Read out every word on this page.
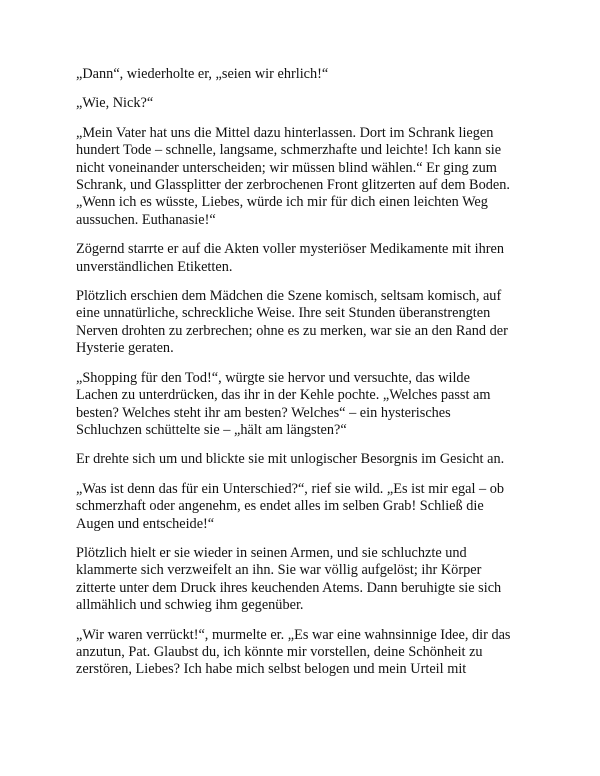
„Dann“, wiederholte er, „seien wir ehrlich!“
„Wie, Nick?“
„Mein Vater hat uns die Mittel dazu hinterlassen. Dort im Schrank liegen
hundert Tode – schnelle, langsame, schmerzhafte und leichte! Ich kann sie
nicht voneinander unterscheiden; wir müssen blind wählen.“ Er ging zum
Schrank, und Glassplitter der zerbrochenen Front glitzerten auf dem Boden.
„Wenn ich es wüsste, Liebes, würde ich mir für dich einen leichten Weg
aussuchen. Euthanasie!“
Zögernd starrte er auf die Akten voller mysteriöser Medikamente mit ihren
unverständlichen Etiketten.
Plötzlich erschien dem Mädchen die Szene komisch, seltsam komisch, auf
eine unnatürliche, schreckliche Weise. Ihre seit Stunden überanstrengten
Nerven drohten zu zerbrechen; ohne es zu merken, war sie an den Rand der
Hysterie geraten.
„Shopping für den Tod!“, würgte sie hervor und versuchte, das wilde
Lachen zu unterdrücken, das ihr in der Kehle pochte. „Welches passt am
besten? Welches steht ihr am besten? Welches“ – ein hysterisches
Schluchzen schüttelte sie – „hält am längsten?“
Er drehte sich um und blickte sie mit unlogischer Besorgnis im Gesicht an.
„Was ist denn das für ein Unterschied?“, rief sie wild. „Es ist mir egal – ob
schmerzhaft oder angenehm, es endet alles im selben Grab! Schließ die
Augen und entscheide!“
Plötzlich hielt er sie wieder in seinen Armen, und sie schluchzte und
klammerte sich verzweifelt an ihn. Sie war völlig aufgelöst; ihr Körper
zitterte unter dem Druck ihres keuchenden Atems. Dann beruhigte sie sich
allmählich und schwieg ihm gegenüber.
„Wir waren verrückt!“, murmelte er. „Es war eine wahnsinnige Idee, dir das
anzutun, Pat. Glaubst du, ich könnte mir vorstellen, deine Schönheit zu
zerstören, Liebes? Ich habe mich selbst belogen und mein Urteil mit
